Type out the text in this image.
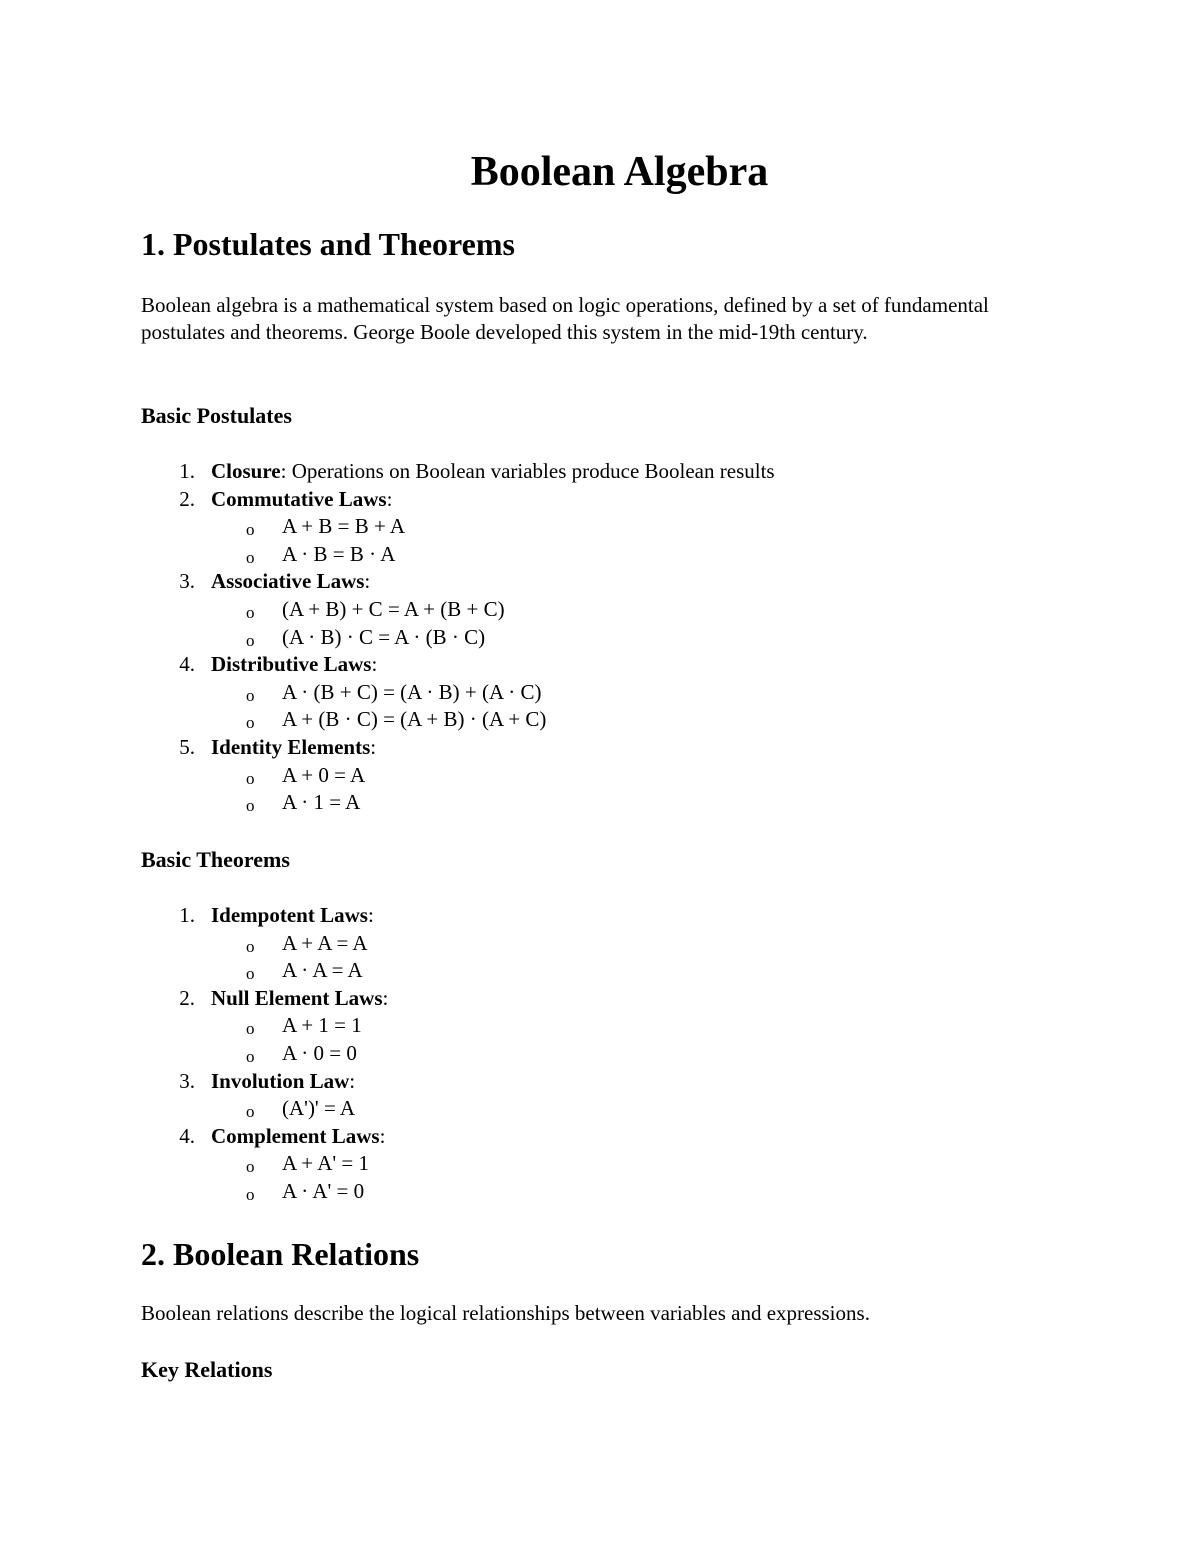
Boolean Algebra
1. Postulates and Theorems

Boolean algebra is a mathematical system based on logic operations, defined by a set of fundamental postulates and theorems. George Boole developed this system in the mid-19th century.

Basic Postulates
1 .	Closure: Operations on Boolean variables produce Boolean results
2 .	Commutative Laws:
o	A + B = B + A
o	A · B = B · A
3 .	Associative Laws:
o	(A + B) + C = A + (B + C)
o	(A · B) · C = A · (B · C)
4 .	Distributive Laws:
o	A · (B + C) = (A · B) + (A · C)
o	A + (B · C) = (A + B) · (A + C)
5 .	Identity Elements:
o	A + 0 = A
o	A · 1 = A
Basic Theorems
1 .	Idempotent Laws:
o	A + A = A
o	A · A = A
2 .	Null Element Laws:
o	A + 1 = 1
o	A · 0 = 0
3 .	Involution Law:
o	(A')' = A
4 .	Complement Laws:
o	A + A' = 1
o	A · A' = 0
2. Boolean Relations

Boolean relations describe the logical relationships between variables and expressions.

Key Relations
